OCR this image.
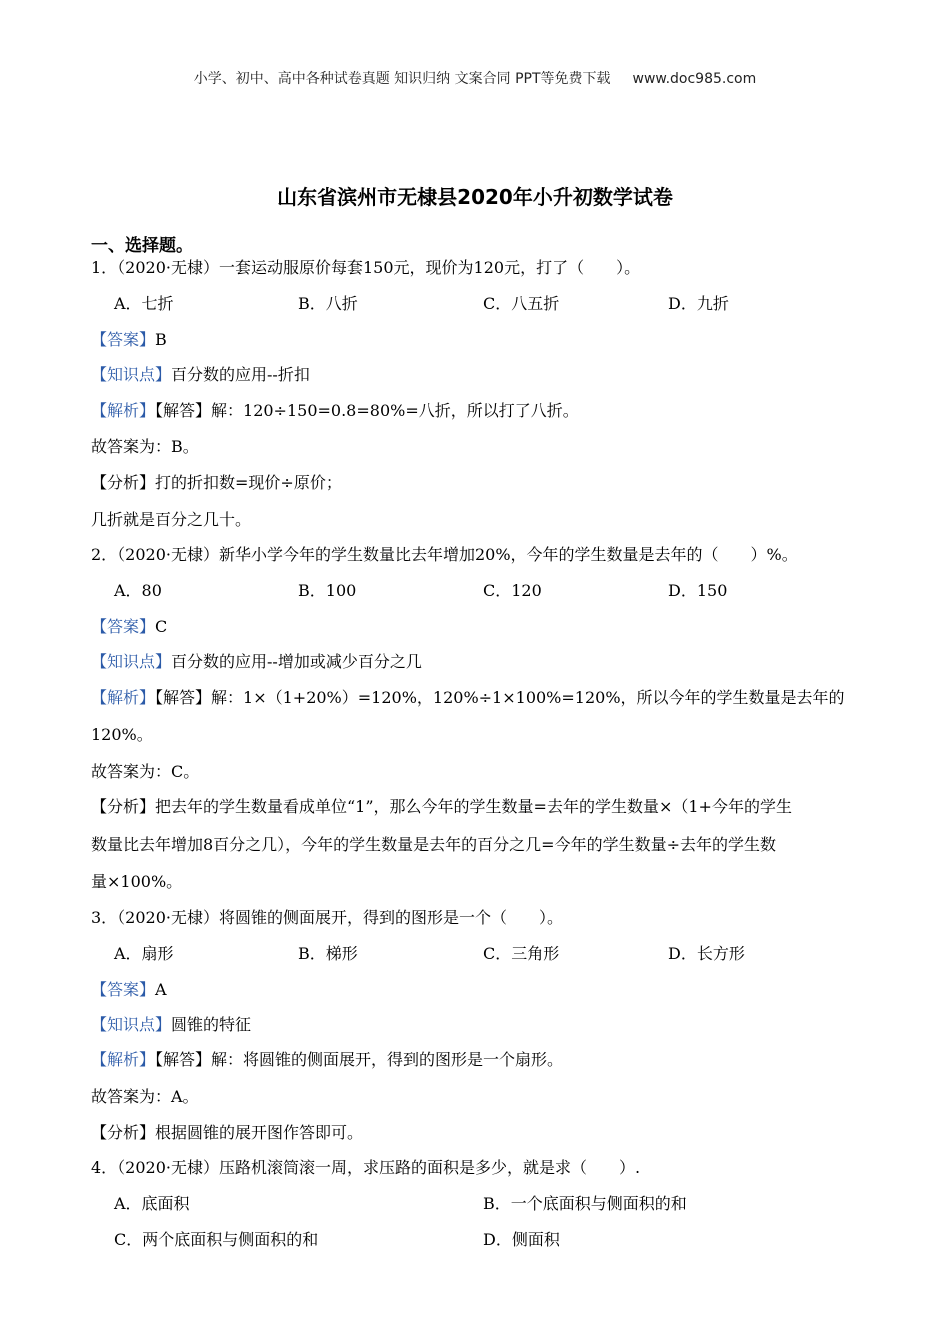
小学、初中、高中各种试卷真题 知识归纳 文案合同 PPT等免费下载 www.doc985.com
山东省滨州市无棣县2020年小升初数学试卷
一、选择题。
1．（2020·无棣）一套运动服原价每套150元，现价为120元，打了（　　）。
A．七折	B．八折	C．八五折	D．九折
【答案】B
【知识点】百分数的应用--折扣
【解析】【解答】解：120÷150=0.8=80%=八折，所以打了八折。
故答案为：B。
【分析】打的折扣数=现价÷原价；
几折就是百分之几十。
2．（2020·无棣）新华小学今年的学生数量比去年增加20%，今年的学生数量是去年的（　　）%。
A．80	B．100	C．120	D．150
【答案】C
【知识点】百分数的应用--增加或减少百分之几
【解析】【解答】解：1×（1+20%）=120%，120%÷1×100%=120%，所以今年的学生数量是去年的
120%。
故答案为：C。
【分析】把去年的学生数量看成单位“1”，那么今年的学生数量=去年的学生数量×（1+今年的学生
数量比去年增加8百分之几），今年的学生数量是去年的百分之几=今年的学生数量÷去年的学生数
量×100%。
3．（2020·无棣）将圆锥的侧面展开，得到的图形是一个（　　）。
A．扇形	B．梯形	C．三角形	D．长方形
【答案】A
【知识点】圆锥的特征
【解析】【解答】解：将圆锥的侧面展开，得到的图形是一个扇形。
故答案为：A。
【分析】根据圆锥的展开图作答即可。
4．（2020·无棣）压路机滚筒滚一周，求压路的面积是多少，就是求（　　）.
A．底面积	B．一个底面积与侧面积的和
C．两个底面积与侧面积的和	D．侧面积
